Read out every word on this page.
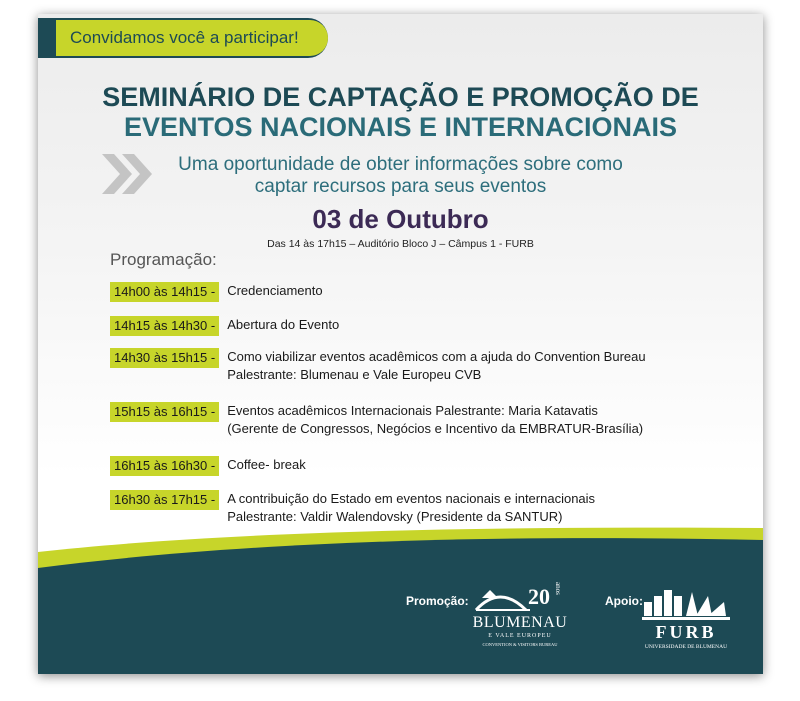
Convidamos você a participar!
SEMINÁRIO DE CAPTAÇÃO E PROMOÇÃO DE
EVENTOS NACIONAIS E INTERNACIONAIS
Uma oportunidade de obter informações sobre como
captar recursos para seus eventos
03 de Outubro
Das 14 às 17h15 – Auditório Bloco J – Câmpus 1 - FURB
Programação:
14h00 às 14h15 - Credenciamento
14h15 às 14h30 - Abertura do Evento
14h30 às 15h15 - Como viabilizar eventos acadêmicos com a ajuda do Convention Bureau
Palestrante: Blumenau e Vale Europeu CVB
15h15 às 16h15 - Eventos acadêmicos Internacionais Palestrante: Maria Katavatis
(Gerente de Congressos, Negócios e Incentivo da EMBRATUR-Brasília)
16h15 às 16h30 - Coffee- break
16h30 às 17h15 - A contribuição do Estado em eventos nacionais e internacionais
Palestrante: Valdir Walendovsky (Presidente da SANTUR)
Promoção:	20 anos
BLUMENAU
E VALE EUROPEU
CONVENTION & VISITORS BUREAU
Apoio:
FURB
UNIVERSIDADE DE BLUMENAU
